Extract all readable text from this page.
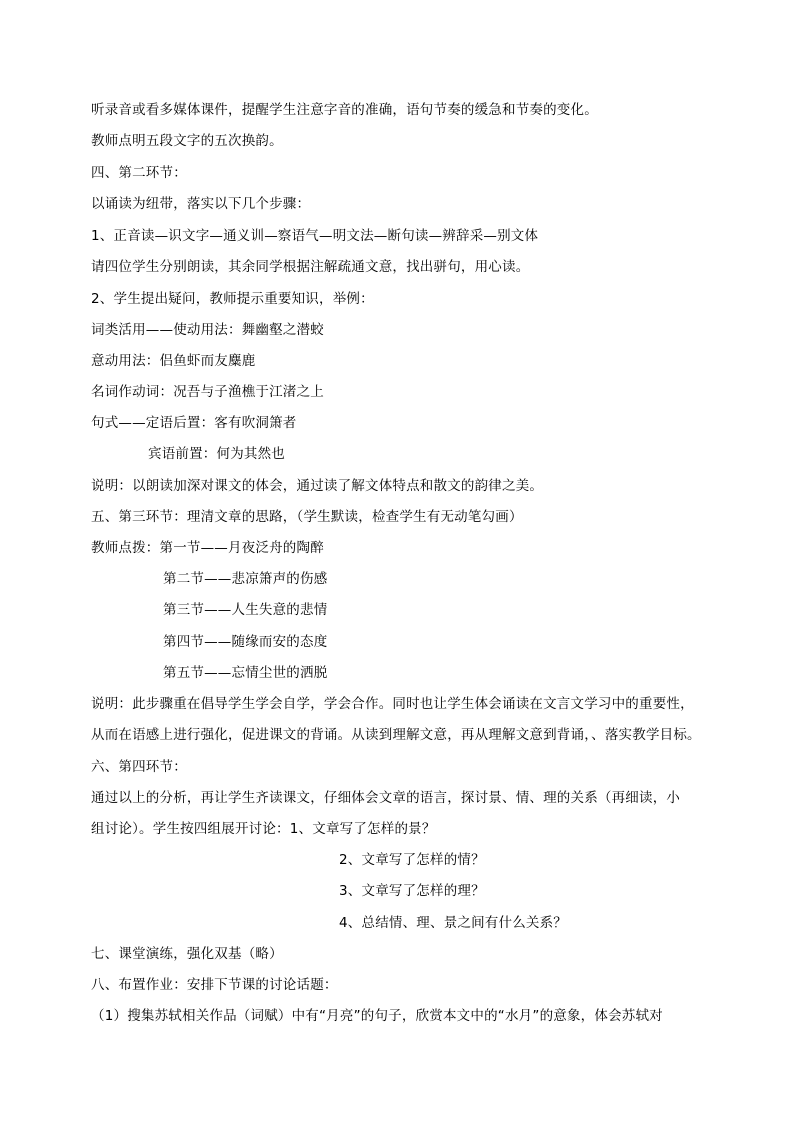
听录音或看多媒体课件，提醒学生注意字音的准确，语句节奏的缓急和节奏的变化。
教师点明五段文字的五次换韵。
四、第二环节：
以诵读为纽带，落实以下几个步骤：
1、正音读—识文字—通义训—察语气—明文法—断句读—辨辞采—别文体
请四位学生分别朗读，其余同学根据注解疏通文意，找出骈句，用心读。
2、学生提出疑问，教师提示重要知识，举例：
词类活用——使动用法：舞幽壑之潜蛟
意动用法：侣鱼虾而友麋鹿
名词作动词：况吾与子渔樵于江渚之上
句式——定语后置：客有吹洞箫者
宾语前置：何为其然也
说明：以朗读加深对课文的体会，通过读了解文体特点和散文的韵律之美。
五、第三环节：理清文章的思路，（学生默读，检查学生有无动笔勾画）
教师点拨：第一节——月夜泛舟的陶醉
第二节——悲凉箫声的伤感
第三节——人生失意的悲情
第四节——随缘而安的态度
第五节——忘情尘世的洒脱
说明：此步骤重在倡导学生学会自学，学会合作。同时也让学生体会诵读在文言文学习中的重要性，
从而在语感上进行强化，促进课文的背诵。从读到理解文意，再从理解文意到背诵，、落实教学目标。
六、第四环节：
通过以上的分析，再让学生齐读课文，仔细体会文章的语言，探讨景、情、理的关系（再细读，小
组讨论）。学生按四组展开讨论：1、文章写了怎样的景？
2、文章写了怎样的情？
3、文章写了怎样的理？
4、总结情、理、景之间有什么关系？
七、课堂演练，强化双基（略）
八、布置作业：安排下节课的讨论话题：
（1）搜集苏轼相关作品（词赋）中有“月亮”的句子，欣赏本文中的“水月”的意象，体会苏轼对
